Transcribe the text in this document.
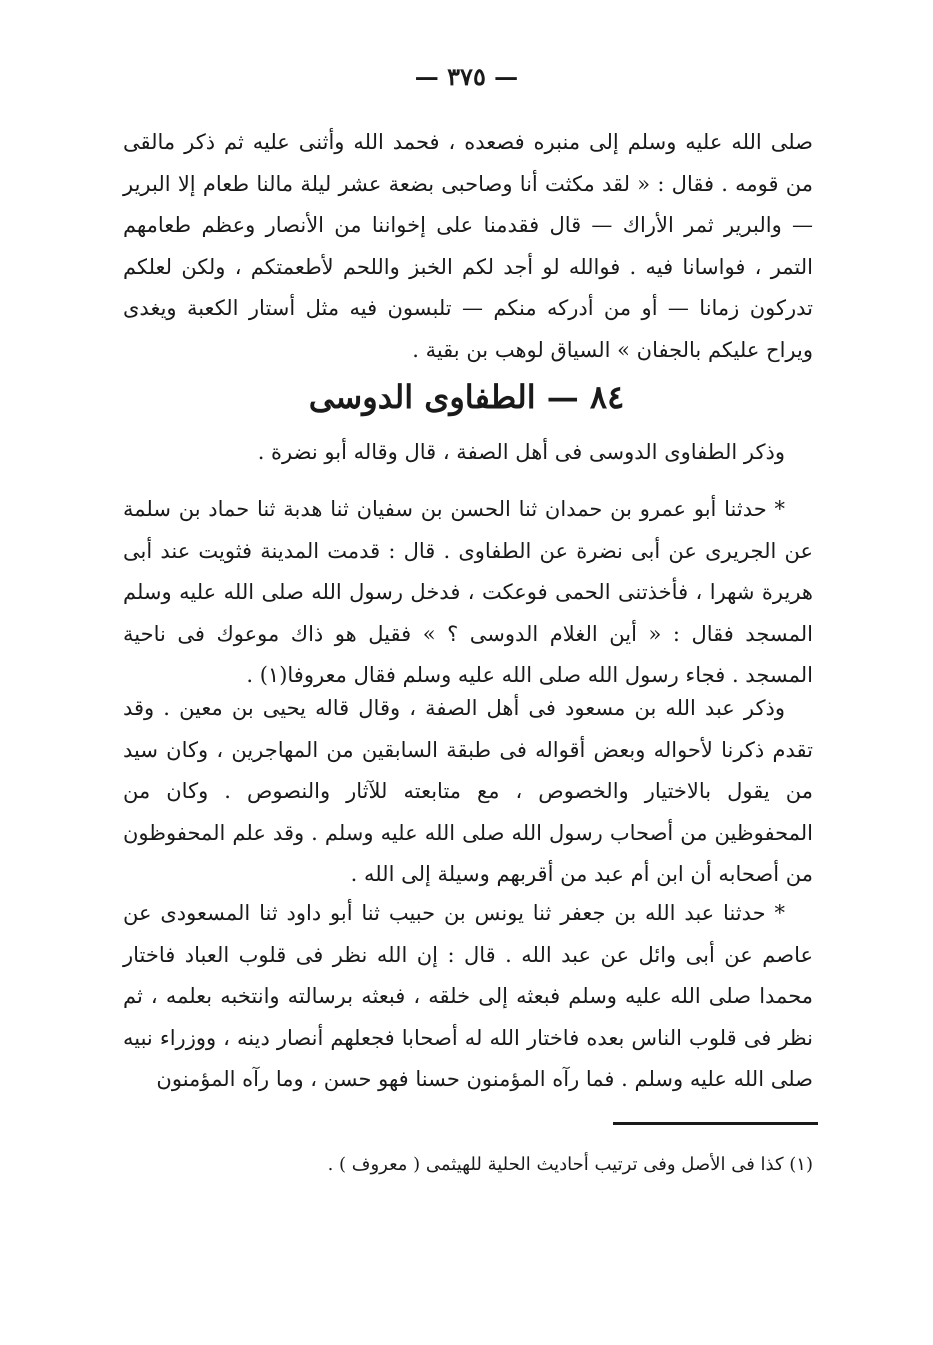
— ٣٧٥ —

صلى الله عليه وسلم إلى منبره فصعده ، فحمد الله وأثنى عليه ثم ذكر مالقى من قومه . فقال : « لقد مكثت أنا وصاحبى بضعة عشر ليلة مالنا طعام إلا البرير — والبرير ثمر الأراك — قال فقدمنا على إخواننا من الأنصار وعظم طعامهم التمر ، فواسانا فيه . فوالله لو أجد لكم الخبز واللحم لأطعمتكم ، ولكن لعلكم تدركون زمانا — أو من أدركه منكم — تلبسون فيه مثل أستار الكعبة ويغدى ويراح عليكم بالجفان » السياق لوهب بن بقية .

٨٤ — الطفاوى الدوسى

وذكر الطفاوى الدوسى فى أهل الصفة ، قال وقاله أبو نضرة .

* حدثنا أبو عمرو بن حمدان ثنا الحسن بن سفيان ثنا هدبة ثنا حماد بن سلمة عن الجريرى عن أبى نضرة عن الطفاوى . قال : قدمت المدينة فثويت عند أبى هريرة شهرا ، فأخذتنى الحمى فوعكت ، فدخل رسول الله صلى الله عليه وسلم المسجد فقال : « أين الغلام الدوسى ؟ » فقيل هو ذاك موعوك فى ناحية المسجد . فجاء رسول الله صلى الله عليه وسلم فقال معروفا(١) .

وذكر عبد الله بن مسعود فى أهل الصفة ، وقال قاله يحيى بن معين . وقد تقدم ذكرنا لأحواله وبعض أقواله فى طبقة السابقين من المهاجرين ، وكان سيد من يقول بالاختيار والخصوص ، مع متابعته للآثار والنصوص . وكان من المحفوظين من أصحاب رسول الله صلى الله عليه وسلم . وقد علم المحفوظون من أصحابه أن ابن أم عبد من أقربهم وسيلة إلى الله .

* حدثنا عبد الله بن جعفر ثنا يونس بن حبيب ثنا أبو داود ثنا المسعودى عن عاصم عن أبى وائل عن عبد الله . قال : إن الله نظر فى قلوب العباد فاختار محمدا صلى الله عليه وسلم فبعثه إلى خلقه ، فبعثه برسالته وانتخبه بعلمه ، ثم نظر فى قلوب الناس بعده فاختار الله له أصحابا فجعلهم أنصار دينه ، ووزراء نبيه صلى الله عليه وسلم . فما رآه المؤمنون حسنا فهو حسن ، وما رآه المؤمنون

(١) كذا فى الأصل وفى ترتيب أحاديث الحلية للهيثمى ( معروف ) .
